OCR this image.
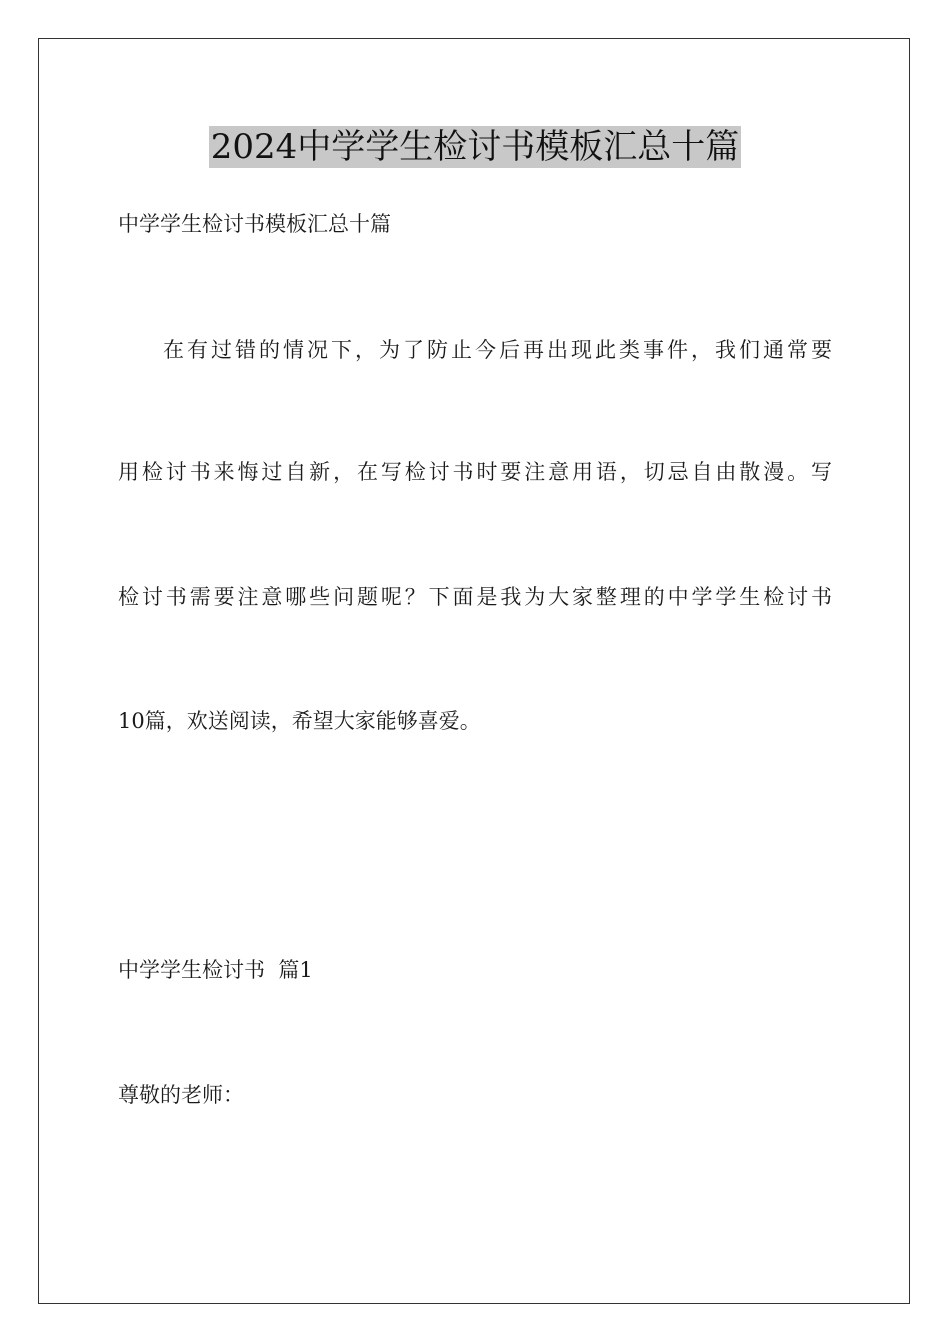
2024中学学生检讨书模板汇总十篇
中学学生检讨书模板汇总十篇
在有过错的情况下，为了防止今后再出现此类事件，我们通常要
用检讨书来悔过自新，在写检讨书时要注意用语，切忌自由散漫。写
检讨书需要注意哪些问题呢？下面是我为大家整理的中学学生检讨书
10篇，欢送阅读，希望大家能够喜爱。
中学学生检讨书  篇1
尊敬的老师：
